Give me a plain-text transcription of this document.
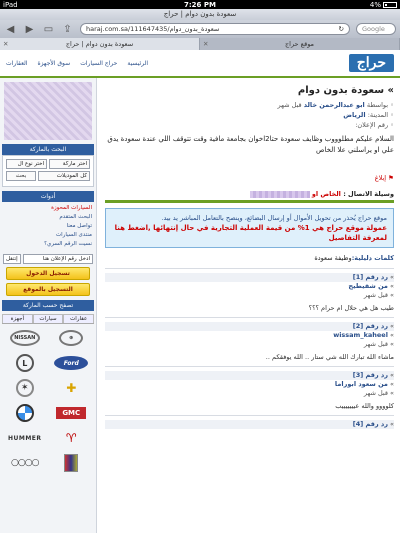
iPad	7:26 PM	4%
سعودة بدون دوام | حراج
◀ ▶ ▭ ⇪	haraj.com.sa/111647435/سعودة_بدون_دوام	↻	Google
✕	سعودة بدون دوام | حراج	✕	موقع حراج
العقارات سوق الأجهزة حراج السيارات الرئيسية	حراج
البحث بالماركة
اختر نوع ال	اختر ماركة
بحث	كل الموديلات
أدوات
السيارات المحوزة
البحث المتقدم
تواصل معنا
منتدى السيارات
نسيت الرقم السري؟
إنتقل	ادخل رقم الإعلان هنا
تسجيل الدخول
التسجيل بالموقع
تصفح حسب الماركة
أجهزة	سيارات	عقارات
NISSAN	⊕
L	Ford
✶	✚
GMC
HUMMER	♈
○○○○
» سعودة بدون دوام
◦ بواسطة ابو عبدالرحمن خالد قبل شهر
◦ المدينة: الرياض
◦ رقم الإعلان:
السلام عليكم مطلوووب وظايف سعودة حتا2اخوان بجامعة مافية وقت تتوقف اللي عندة سعودة يدق علي او يراسلني علا الخاص
⚑ إبلاغ
وسيلة الاتصال : الخاص او
موقع حراج يُحذر من تحويل الأموال أو إرسال البضائع، وينصح بالتعامل المباشر يد بيد.
عمولة موقع حراج هي 1% من قيمة العملية التجارية في حال إنتهائها ,اضغط هنا لمعرفة التفاصيل
كلمات دليلية:وظيفة سعودة
» رد رقم [1]
» من شقيطيح
» قبل شهر
طيب هل هي حلال ام حرام ؟؟؟
» رد رقم [2]
» wissam_kaheel
» قبل شهر
ماشاء الله تبارك الله شي ستار .. الله يوفقكم ..
» رد رقم [3]
» من سعود ابوراما
» قبل شهر
كلوووو والله عيييييييب
» رد رقم [4]
